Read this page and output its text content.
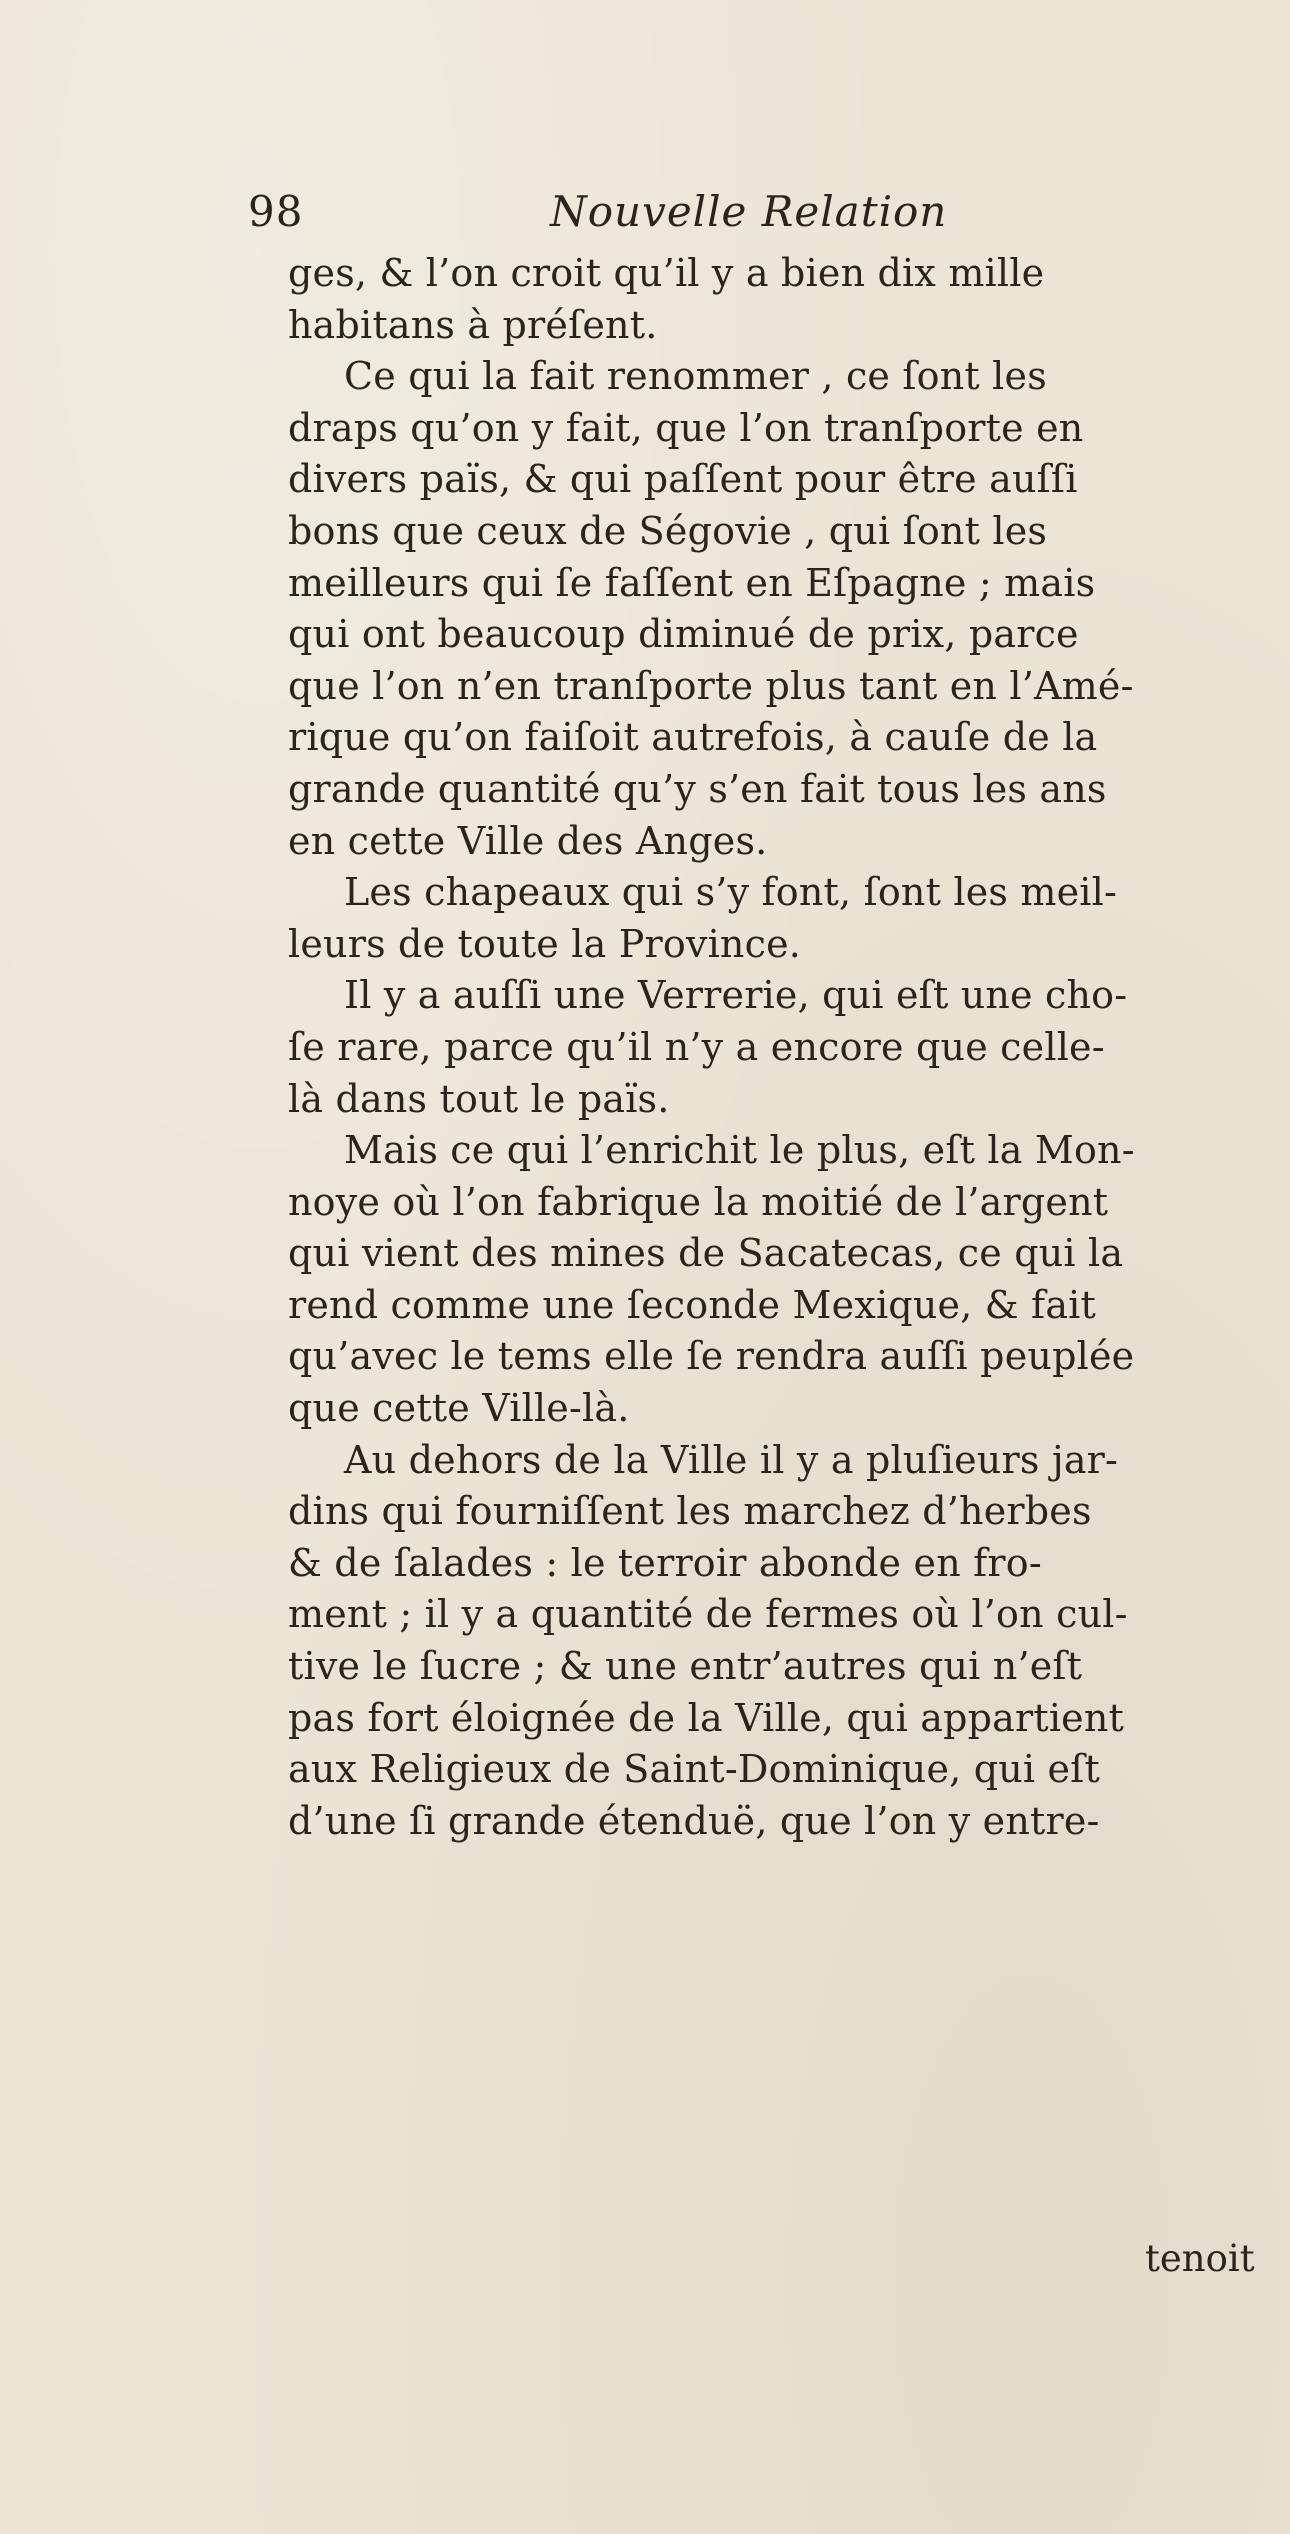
98	Nouvelle Relation
ges, & l’on croit qu’il y a bien dix mille
habitans à préſent.
Ce qui la fait renommer , ce ſont les
draps qu’on y fait, que l’on tranſporte en
divers païs, & qui paſſent pour être auſſi
bons que ceux de Ségovie , qui ſont les
meilleurs qui ſe faſſent en Eſpagne ; mais
qui ont beaucoup diminué de prix, parce
que l’on n’en tranſporte plus tant en l’Amé-
rique qu’on faiſoit autrefois, à cauſe de la
grande quantité qu’y s’en fait tous les ans
en cette Ville des Anges.
Les chapeaux qui s’y font, ſont les meil-
leurs de toute la Province.
Il y a auſſi une Verrerie, qui eſt une cho-
ſe rare, parce qu’il n’y a encore que celle-
là dans tout le païs.
Mais ce qui l’enrichit le plus, eſt la Mon-
noye où l’on fabrique la moitié de l’argent
qui vient des mines de Sacatecas, ce qui la
rend comme une ſeconde Mexique, & fait
qu’avec le tems elle ſe rendra auſſi peuplée
que cette Ville-là.
Au dehors de la Ville il y a pluſieurs jar-
dins qui fourniſſent les marchez d’herbes
& de ſalades : le terroir abonde en fro-
ment ; il y a quantité de fermes où l’on cul-
tive le ſucre ; & une entr’autres qui n’eſt
pas fort éloignée de la Ville, qui appartient
aux Religieux de Saint-Dominique, qui eſt
d’une ſi grande étenduë, que l’on y entre-
tenoit
